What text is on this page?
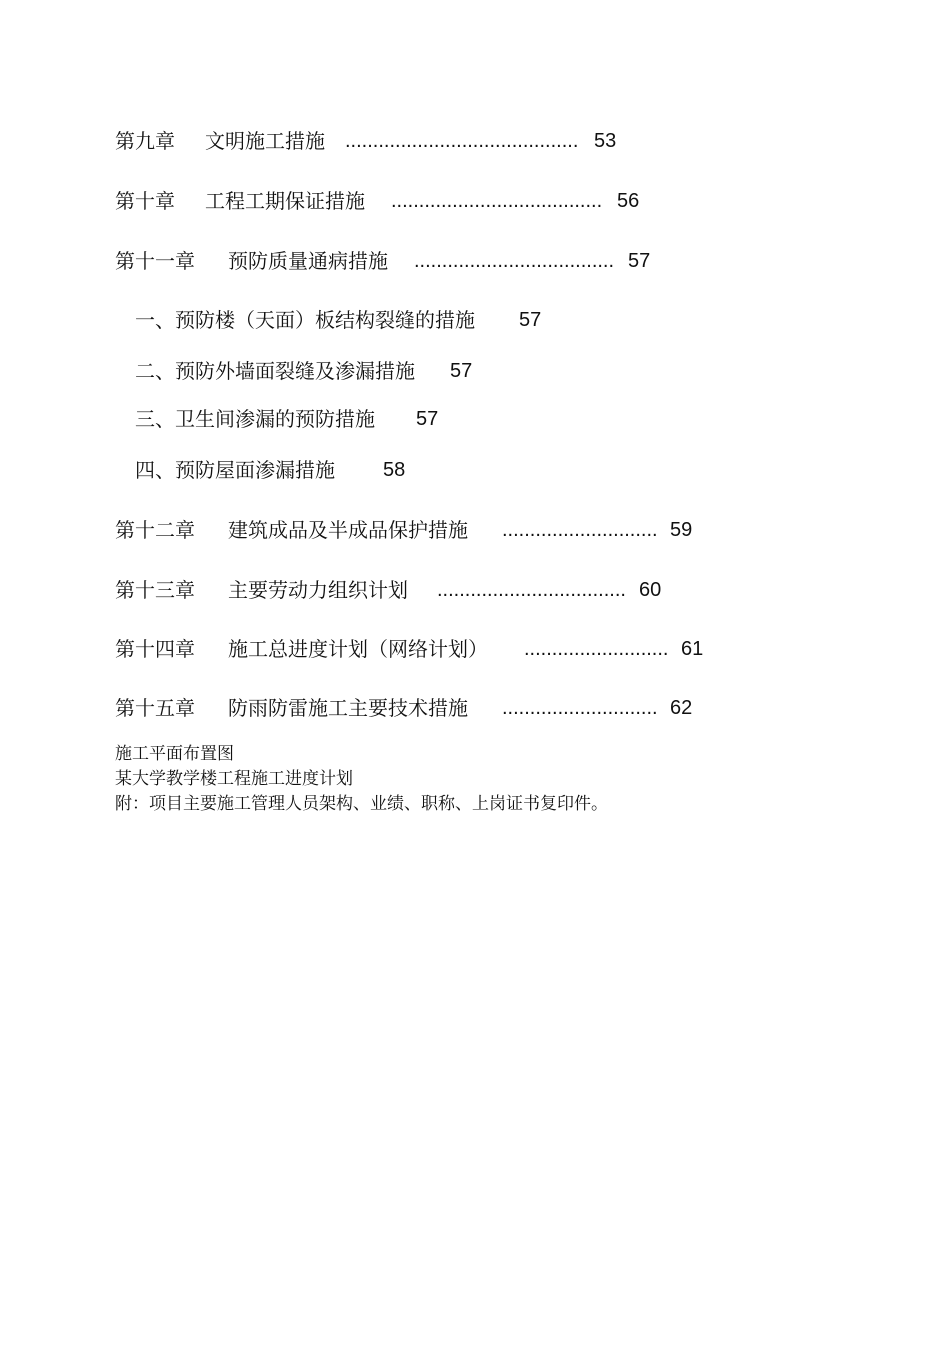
第九章 文明施工措施 .......................................... 53
第十章 工程工期保证措施 ...................................... 56
第十一章 预防质量通病措施 .................................... 57
一、预防楼（天面）板结构裂缝的措施 57
二、预防外墙面裂缝及渗漏措施 57
三、卫生间渗漏的预防措施 57
四、预防屋面渗漏措施 58
第十二章 建筑成品及半成品保护措施 ............................ 59
第十三章 主要劳动力组织计划 .................................. 60
第十四章 施工总进度计划（网络计划） .......................... 61
第十五章 防雨防雷施工主要技术措施 ............................ 62
施工平面布置图
某大学教学楼工程施工进度计划
附：项目主要施工管理人员架构、业绩、职称、上岗证书复印件。
